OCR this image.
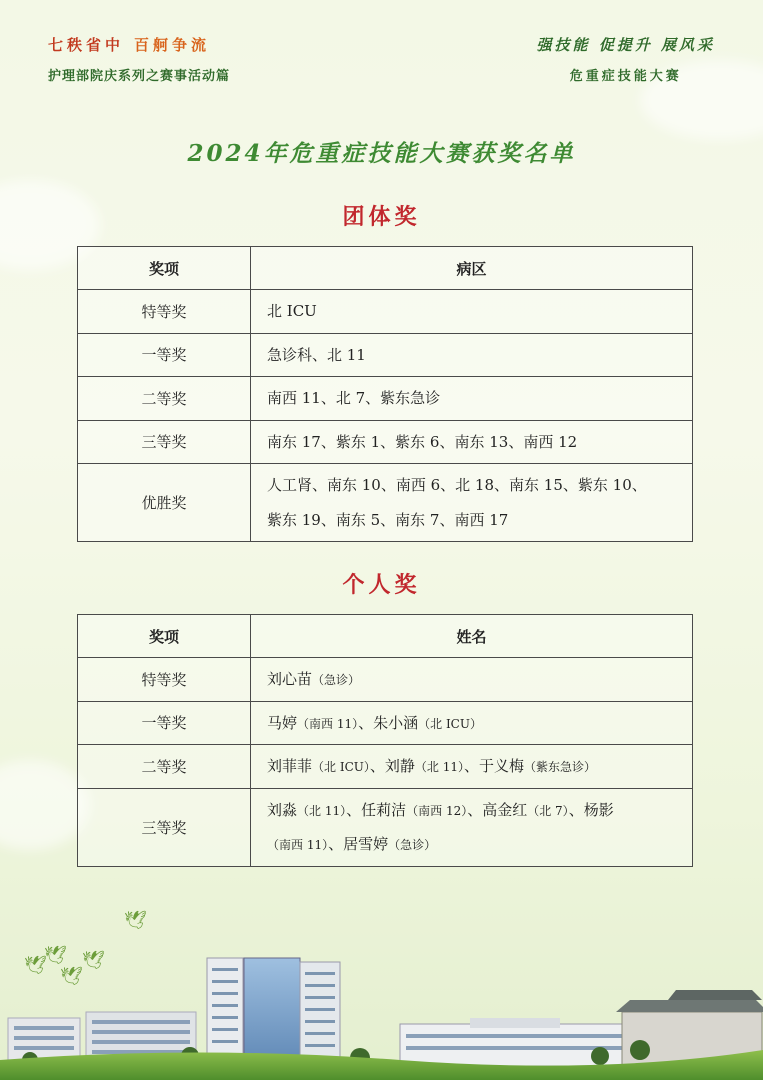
七秩省中 百舸争流
护理部院庆系列之赛事活动篇
强技能 促提升 展风采
危重症技能大赛
2024年危重症技能大赛获奖名单
团体奖
奖项	病区
特等奖	北 ICU

一等奖	急诊科、北 11

二等奖	南西 11、北 7、紫东急诊

三等奖	南东 17、紫东 1、紫东 6、南东 13、南西 12

优胜奖	人工肾、南东 10、南西 6、北 18、南东 15、紫东 10、
紫东 19、南东 5、南东 7、南西 17
个人奖
奖项	姓名
特等奖	刘心苗（急诊）

一等奖	马婷（南西 11）、朱小涵（北 ICU）

二等奖	刘菲菲（北 ICU）、刘静（北 11）、于义梅（紫东急诊）

三等奖	刘淼（北 11）、任莉洁（南西 12）、高金红（北 7）、杨影
（南西 11）、居雪婷（急诊）
🕊
🕊 🕊
🕊
🕊
